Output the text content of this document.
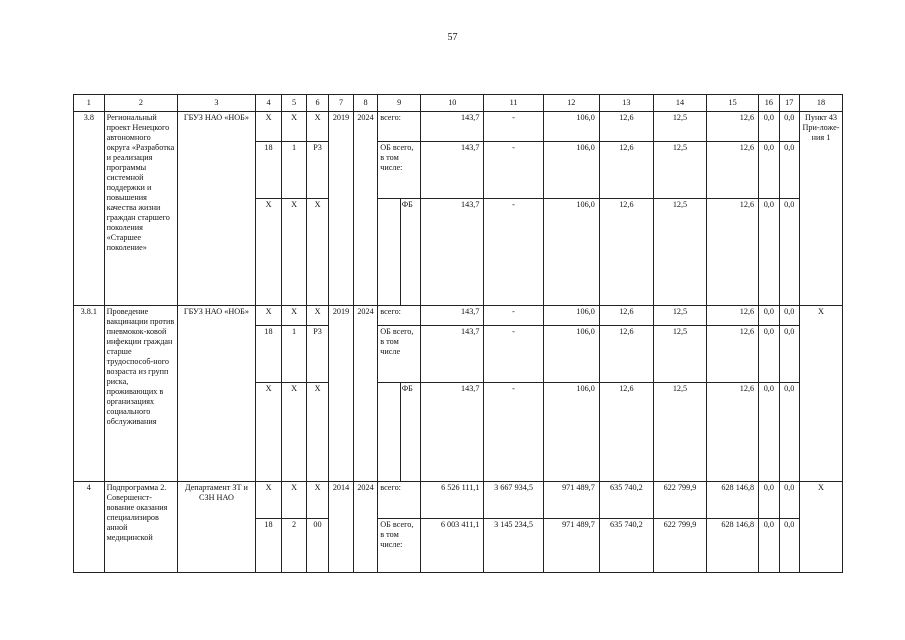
57
1	2	3	4	5	6	7	8	9		10	11	12	13	14	15	16	17	18
3.8	Региональный проект Ненецкого автономного округа «Разработка и реализация программы системной поддержки и повышения качества жизни граждан старшего поколения «Старшее поколение»	ГБУЗ НАО «НОБ»	Х	Х	Х	2019	2024	всего:		143,7	-	106,0	12,6	12,5	12,6	0,0	0,0	Пункт 43 При-ложе-ния 1
			18	1	Р3			ОБ всего, в том числе:		143,7	-	106,0	12,6	12,5	12,6	0,0	0,0	
			Х	Х	Х				ФБ	143,7	-	106,0	12,6	12,5	12,6	0,0	0,0	
3.8.1	Проведение вакцинации против пневмокок-ковой инфекции граждан старше трудоспособ-ного возраста из групп риска, проживающих в организациях социального обслуживания	ГБУЗ НАО «НОБ»	Х	Х	Х	2019	2024	всего:		143,7	-	106,0	12,6	12,5	12,6	0,0	0,0	Х
			18	1	Р3			ОБ всего, в том числе		143,7	-	106,0	12,6	12,5	12,6	0,0	0,0	
			Х	Х	Х				ФБ	143,7	-	106,0	12,6	12,5	12,6	0,0	0,0	
4	Подпрограмма 2. Совершенст-вование оказания специализиров анной медицинской	Департамент ЗТ и СЗН НАО	Х	Х	Х	2014	2024	всего:		6 526 111,1	3 667 934,5	971 489,7	635 740,2	622 799,9	628 146,8	0,0	0,0	Х
			18	2	00			ОБ всего, в том числе:		6 003 411,1	3 145 234,5	971 489,7	635 740,2	622 799,9	628 146,8	0,0	0,0	
